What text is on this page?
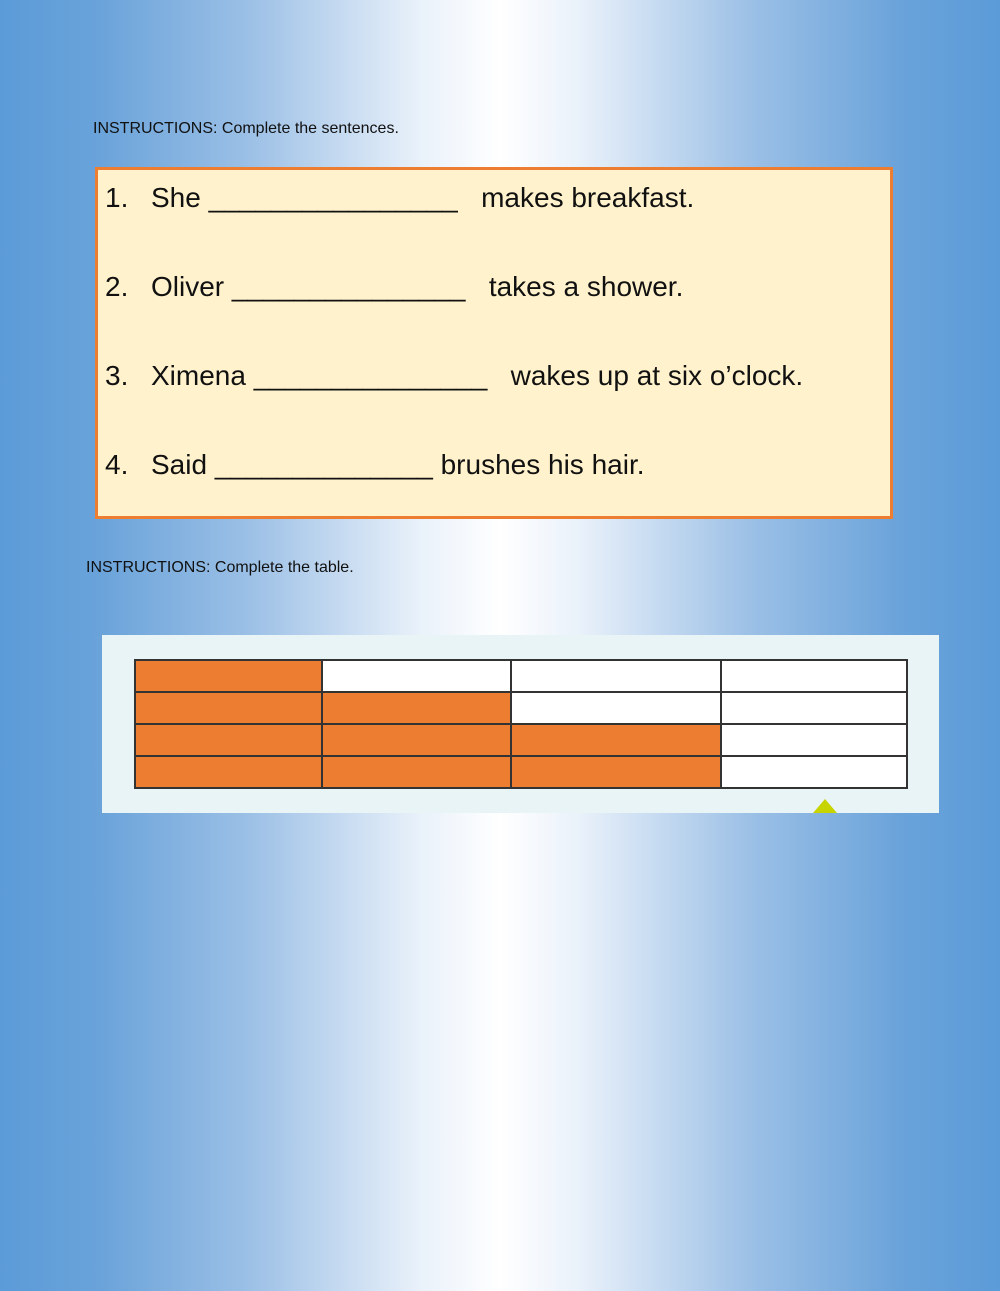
INSTRUCTIONS: Complete the sentences.
1. She ________________   makes breakfast.
2. Oliver _______________   takes a shower.
3. Ximena _______________   wakes up at six o’clock.
4. Said ______________ brushes his hair.
INSTRUCTIONS: Complete the table.
